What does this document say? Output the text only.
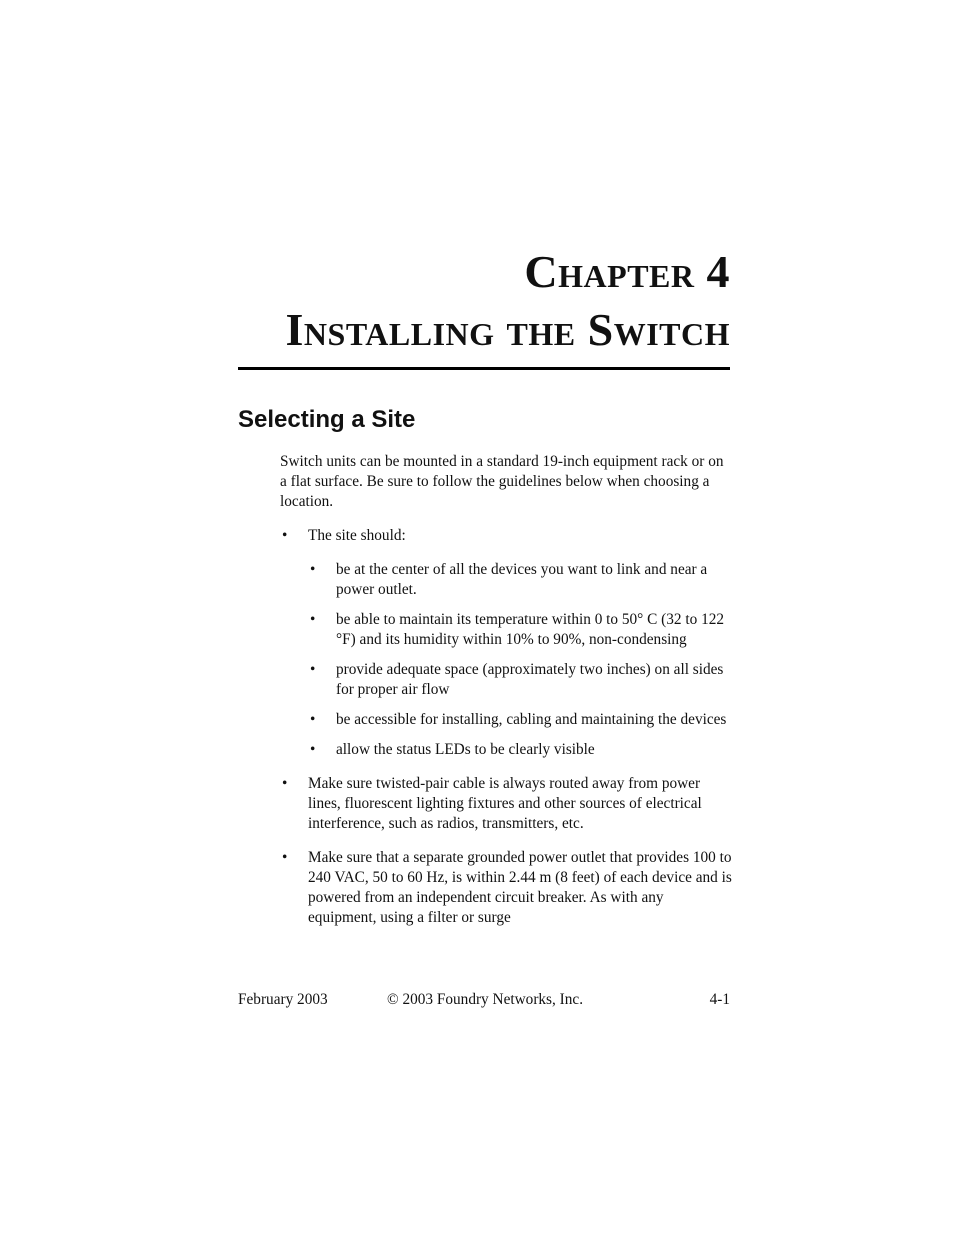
Chapter 4
Installing the Switch
Selecting a Site

Switch units can be mounted in a standard 19-inch equipment rack or on a flat surface. Be sure to follow the guidelines below when choosing a location.

• The site should:
• be at the center of all the devices you want to link and near a power outlet.
• be able to maintain its temperature within 0 to 50° C (32 to 122 °F) and its humidity within 10% to 90%, non-condensing
• provide adequate space (approximately two inches) on all sides for proper air flow
• be accessible for installing, cabling and maintaining the devices
• allow the status LEDs to be clearly visible
• Make sure twisted-pair cable is always routed away from power lines, fluorescent lighting fixtures and other sources of electrical interference, such as radios, transmitters, etc.
• Make sure that a separate grounded power outlet that provides 100 to 240 VAC, 50 to 60 Hz, is within 2.44 m (8 feet) of each device and is powered from an independent circuit breaker. As with any equipment, using a filter or surge
February 2003	© 2003 Foundry Networks, Inc.	4-1
